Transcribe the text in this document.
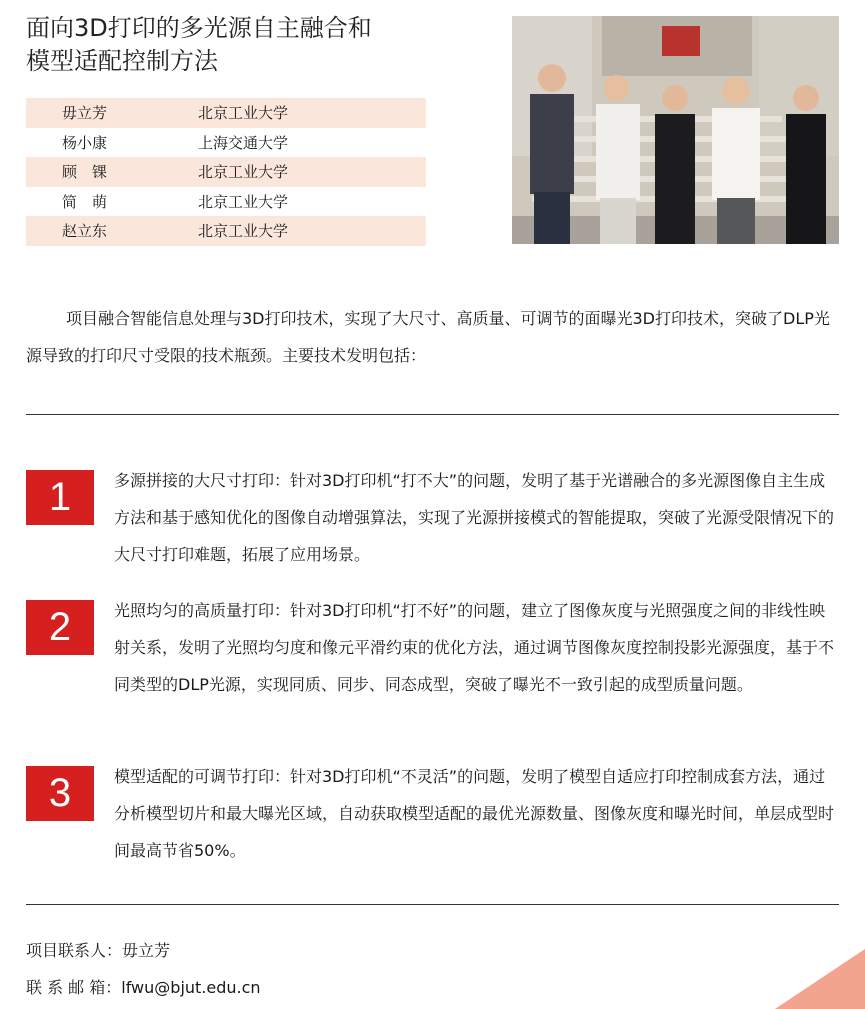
面向3D打印的多光源自主融合和
模型适配控制方法
毋立芳	北京工业大学
杨小康	上海交通大学
顾　锞	北京工业大学
简　萌	北京工业大学
赵立东	北京工业大学

项目融合智能信息处理与3D打印技术，实现了大尺寸、高质量、可调节的面曝光3D打印技术，突破了DLP光源导致的打印尺寸受限的技术瓶颈。主要技术发明包括：

1	多源拼接的大尺寸打印：针对3D打印机“打不大”的问题，发明了基于光谱融合的多光源图像自主生成方法和基于感知优化的图像自动增强算法，实现了光源拼接模式的智能提取，突破了光源受限情况下的大尺寸打印难题，拓展了应用场景。

2	光照均匀的高质量打印：针对3D打印机“打不好”的问题，建立了图像灰度与光照强度之间的非线性映射关系，发明了光照均匀度和像元平滑约束的优化方法，通过调节图像灰度控制投影光源强度，基于不同类型的DLP光源，实现同质、同步、同态成型，突破了曝光不一致引起的成型质量问题。

3	模型适配的可调节打印：针对3D打印机“不灵活”的问题，发明了模型自适应打印控制成套方法，通过分析模型切片和最大曝光区域，自动获取模型适配的最优光源数量、图像灰度和曝光时间，单层成型时间最高节省50%。

项目联系人：毋立芳
联 系 邮 箱：lfwu@bjut.edu.cn
